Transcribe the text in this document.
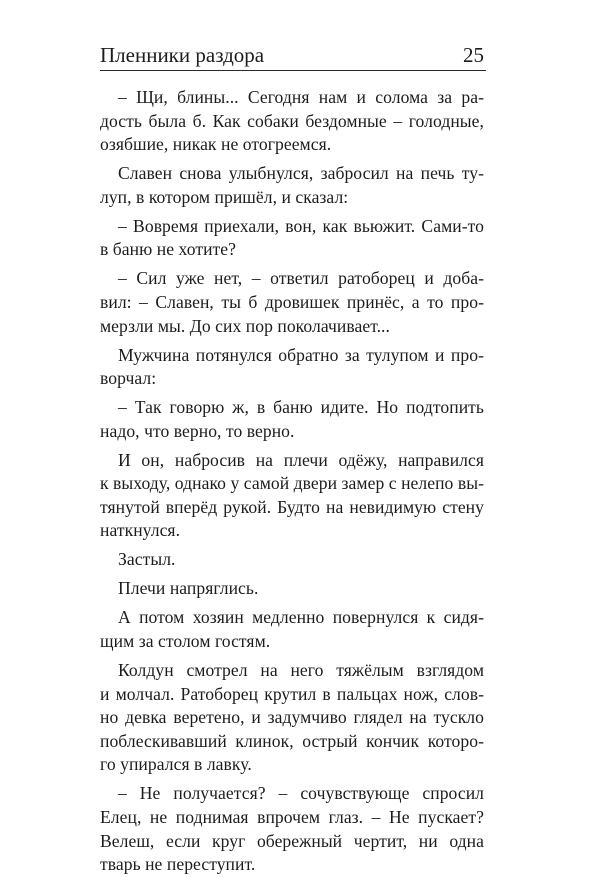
Пленники раздора	25
– Щи, блины... Сегодня нам и солома за ра-
дость была б. Как собаки бездомные – голодные,
озябшие, никак не отогреемся.
Славен снова улыбнулся, забросил на печь ту-
луп, в котором пришёл, и сказал:
– Вовремя приехали, вон, как вьюжит. Сами-то
в баню не хотите?
– Сил уже нет, – ответил ратоборец и доба-
вил: – Славен, ты б дровишек принёс, а то про-
мерзли мы. До сих пор поколачивает...
Мужчина потянулся обратно за тулупом и про-
ворчал:
– Так говорю ж, в баню идите. Но подтопить
надо, что верно, то верно.
И он, набросив на плечи одёжу, направился
к выходу, однако у самой двери замер с нелепо вы-
тянутой вперёд рукой. Будто на невидимую стену
наткнулся.
Застыл.
Плечи напряглись.
А потом хозяин медленно повернулся к сидя-
щим за столом гостям.
Колдун смотрел на него тяжёлым взглядом
и молчал. Ратоборец крутил в пальцах нож, слов-
но девка веретено, и задумчиво глядел на тускло
поблескивавший клинок, острый кончик которо-
го упирался в лавку.
– Не получается? – сочувствующе спросил
Елец, не поднимая впрочем глаз. – Не пускает?
Велеш, если круг обережный чертит, ни одна
тварь не переступит.
